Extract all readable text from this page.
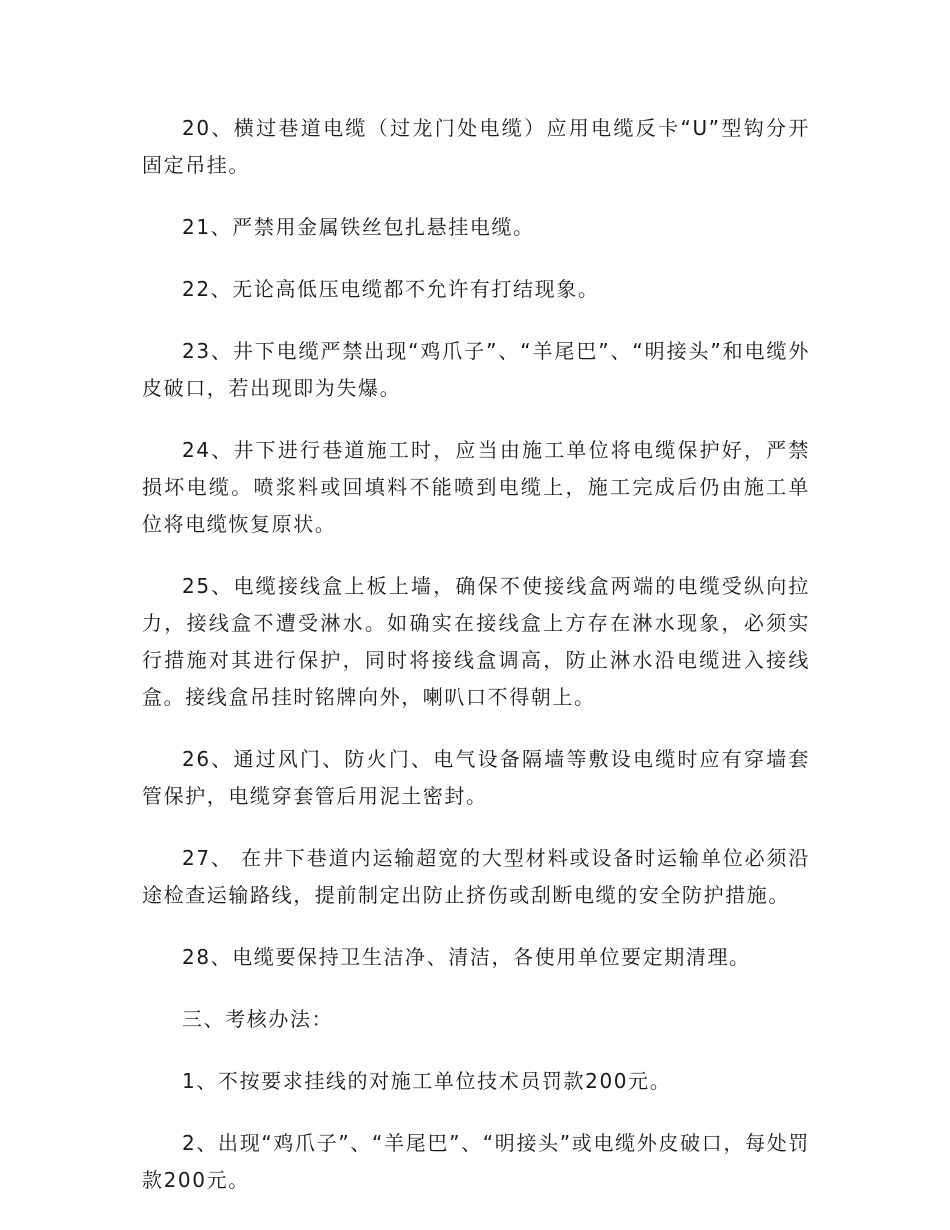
20、横过巷道电缆（过龙门处电缆）应用电缆反卡“U”型钩分开固定吊挂。

21、严禁用金属铁丝包扎悬挂电缆。

22、无论高低压电缆都不允许有打结现象。

23、井下电缆严禁出现“鸡爪子”、“羊尾巴”、“明接头”和电缆外皮破口，若出现即为失爆。

24、井下进行巷道施工时，应当由施工单位将电缆保护好，严禁损坏电缆。喷浆料或回填料不能喷到电缆上，施工完成后仍由施工单位将电缆恢复原状。

25、电缆接线盒上板上墙，确保不使接线盒两端的电缆受纵向拉力，接线盒不遭受淋水。如确实在接线盒上方存在淋水现象，必须实行措施对其进行保护，同时将接线盒调高，防止淋水沿电缆进入接线盒。接线盒吊挂时铭牌向外，喇叭口不得朝上。

26、通过风门、防火门、电气设备隔墙等敷设电缆时应有穿墙套管保护，电缆穿套管后用泥土密封。

27、 在井下巷道内运输超宽的大型材料或设备时运输单位必须沿途检查运输路线，提前制定出防止挤伤或刮断电缆的安全防护措施。

28、电缆要保持卫生洁净、清洁，各使用单位要定期清理。

三、考核办法：

1、不按要求挂线的对施工单位技术员罚款200元。

2、出现“鸡爪子”、“羊尾巴”、“明接头”或电缆外皮破口，每处罚款200元。
